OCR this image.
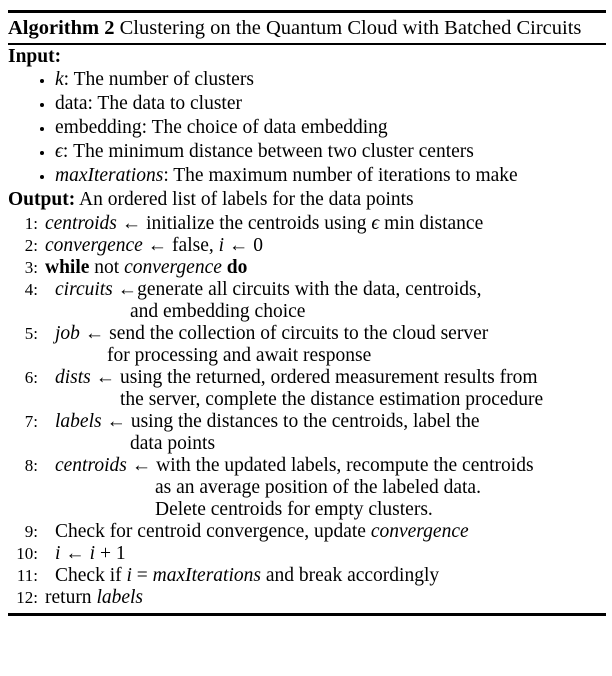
Algorithm 2 Clustering on the Quantum Cloud with Batched Circuits
Input:
• k: The number of clusters
• data: The data to cluster
• embedding: The choice of data embedding
• ϵ: The minimum distance between two cluster centers
• maxIterations: The maximum number of iterations to make
Output: An ordered list of labels for the data points
1: centroids ← initialize the centroids using ϵ min distance
2: convergence ← false, i ← 0
3: while not convergence do
4: circuits ←generate all circuits with the data, centroids,
and embedding choice
5: job ← send the collection of circuits to the cloud server
for processing and await response
6: dists ← using the returned, ordered measurement results from
the server, complete the distance estimation procedure
7: labels ← using the distances to the centroids, label the
data points
8: centroids ← with the updated labels, recompute the centroids
as an average position of the labeled data.
Delete centroids for empty clusters.
9: Check for centroid convergence, update convergence
10: i ← i + 1
11: Check if i = maxIterations and break accordingly
12: return labels
